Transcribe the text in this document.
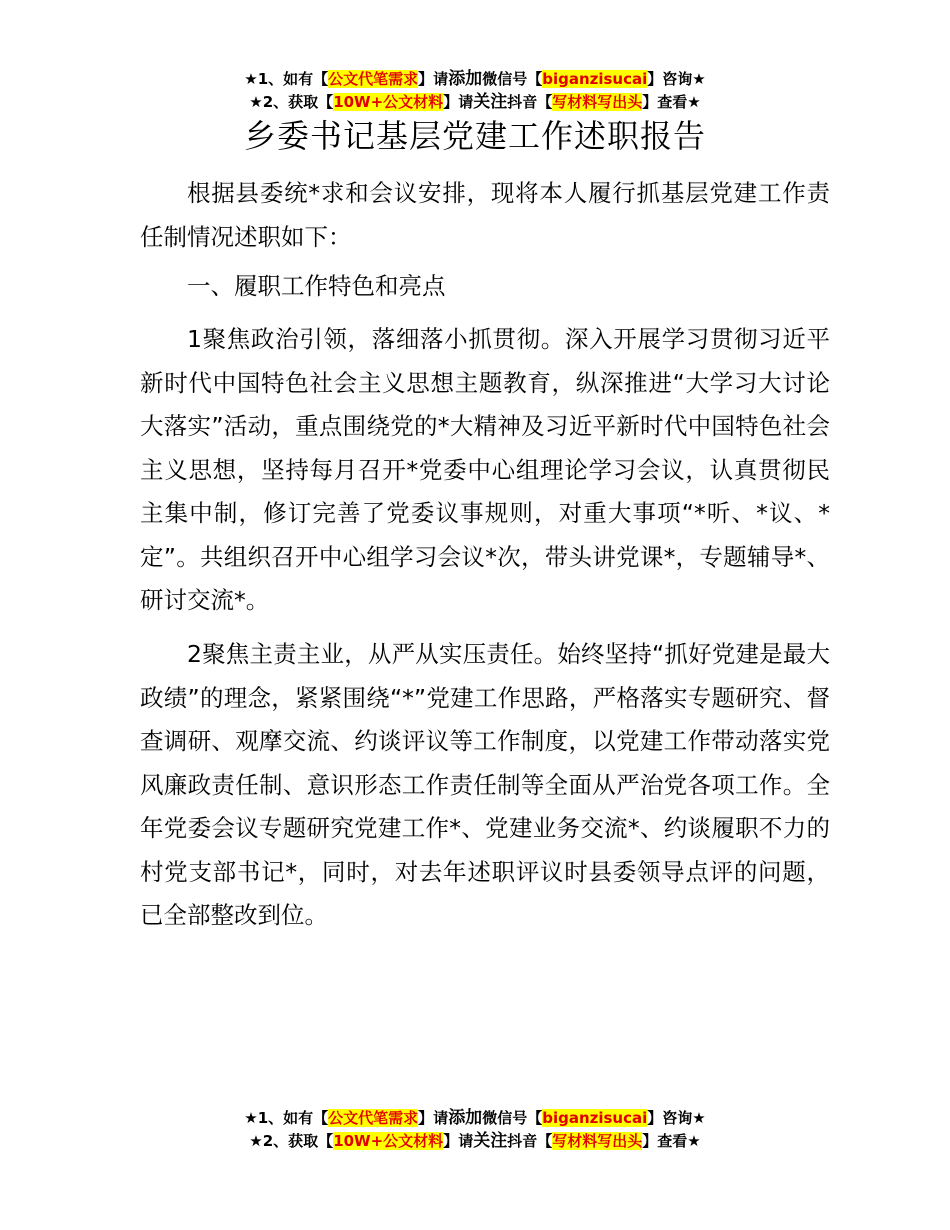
★1、如有【公文代笔需求】请添加微信号【biganzisucai】咨询★
★2、获取【10W+公文材料】请关注抖音【写材料写出头】查看★
乡委书记基层党建工作述职报告

根据县委统*求和会议安排，现将本人履行抓基层党建工作责任制情况述职如下：

一、履职工作特色和亮点

1聚焦政治引领，落细落小抓贯彻。深入开展学习贯彻习近平新时代中国特色社会主义思想主题教育，纵深推进“大学习大讨论大落实”活动，重点围绕党的*大精神及习近平新时代中国特色社会主义思想，坚持每月召开*党委中心组理论学习会议，认真贯彻民主集中制，修订完善了党委议事规则，对重大事项“*听、*议、*定”。共组织召开中心组学习会议*次，带头讲党课*，专题辅导*、研讨交流*。

2聚焦主责主业，从严从实压责任。始终坚持“抓好党建是最大政绩”的理念，紧紧围绕“*”党建工作思路，严格落实专题研究、督查调研、观摩交流、约谈评议等工作制度，以党建工作带动落实党风廉政责任制、意识形态工作责任制等全面从严治党各项工作。全年党委会议专题研究党建工作*、党建业务交流*、约谈履职不力的村党支部书记*，同时，对去年述职评议时县委领导点评的问题，已全部整改到位。

★1、如有【公文代笔需求】请添加微信号【biganzisucai】咨询★
★2、获取【10W+公文材料】请关注抖音【写材料写出头】查看★
